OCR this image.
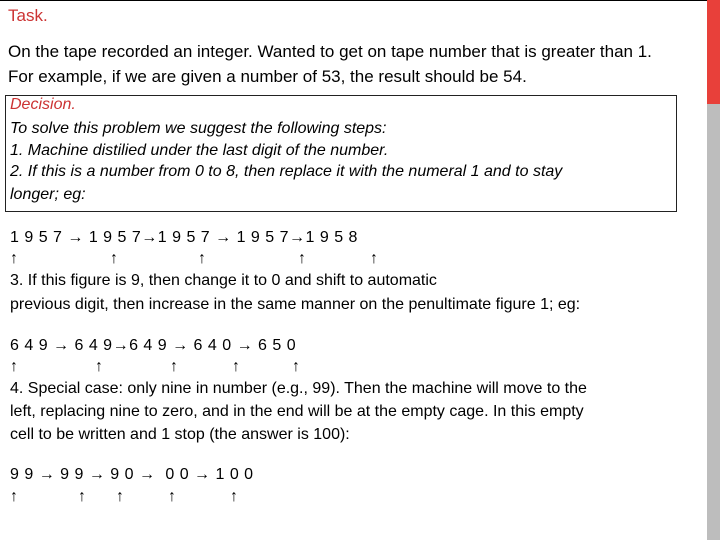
Task.
On the tape recorded an integer. Wanted to get on tape number that is greater than 1.
For example, if we are given a number of 53, the result should be 54.
Decision.
To solve this problem we suggest the following steps:
1. Machine distilied under the last digit of the number.
2. If this is a number from 0 to 8, then replace it with the numeral 1 and to stay
longer; eg:
1 9 5 7 → 1 9 5 7→1 9 5 7 → 1 9 5 7→1 9 5 8
↑	↑	↑	↑	↑
3. If this figure is 9, then change it to 0 and shift to automatic
previous digit, then increase in the same manner on the penultimate figure 1; eg:
6 4 9 → 6 4 9→6 4 9 → 6 4 0 → 6 5 0
↑	↑	↑	↑	↑
4. Special case: only nine in number (e.g., 99). Then the machine will move to the
left, replacing nine to zero, and in the end will be at the empty cage. In this empty
cell to be written and 1 stop (the answer is 100):
9 9 → 9 9 → 9 0 →  0 0 → 1 0 0
↑	↑ ↑	↑	↑
